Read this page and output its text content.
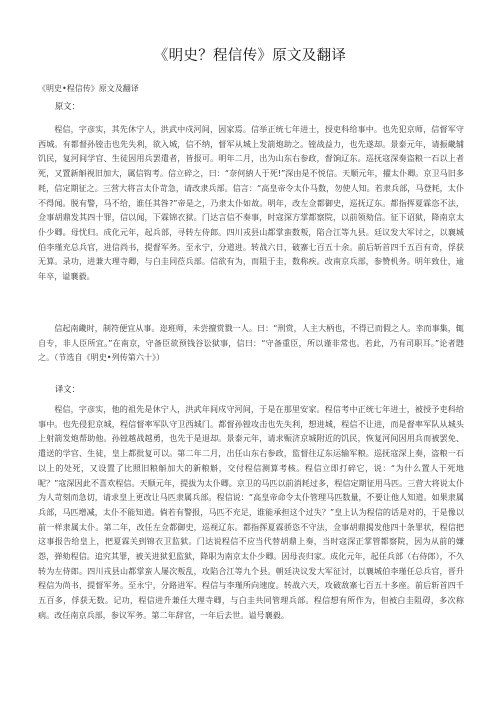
《明史？程信传》原文及翻译
《明史•程信传》原文及翻译
原文：

程信，字彦实，其先休宁人，洪武中戍河间，因家焉。信举正统七年进士，授吏科给事中。也先犯京师，信督军守西城。有都督孙镗击也先失利，欲入城，信不纳，督军从城上发箭炮助之。镗战益力，也先遂却。景泰元年，请振畿辅饥民，复河间学官、生徒因用兵罢遣者，皆报可。明年二月，出为山东右参政，督饷辽东。巡抚寇深奏盗粮一石以上者死，又置新斛视旧加大，属信钩考。信立碎之，曰：“奈何納人于死!”深由是不悦信。天顺元年，擢太仆卿。京卫马旧多耗，信定期征之。三营大将言太仆苛急，请改隶兵部。信言：“高皇帝令太仆马数，勿使人知。若隶兵部，马登耗，太仆不得闻。脱有警，马不给，谁任其咎?”帝是之，乃隶太仆如故。明年，改左佥都御史，巡抚辽东。都指挥夏霖恣不法，佥事胡鼎发其四十罪，信以闻，下霖锦衣狱。门达言信不奏事，时寇深方掌都察院，以前领劾信。征下诏狱，降南京太仆少卿。母忧归。成化元年，起兵部，寻转左侍郎。四川戎县山都掌蛮数叛，陷合江等九县。廷议发大军讨之，以襄城伯李瑾充总兵官，进信尚书，提督军务。至永宁，分道进。转战六日，破寨七百五十余。前后斩首四千五百有奇，俘获无算。录功，进兼大理寺卿，与白圭同莅兵部。信欲有为，而阻于圭，数称疾。改南京兵部，参赞机务。明年致仕，逾年卒，谥襄毅。

信起南畿时，制符便宜从事。迩班师，未尝擅赏戮一人。曰：“刑赏，人主大柄也，不得已而假之人。幸而事集，辄自专，非人臣所宜。”在南京，守备臣欲预钱谷讼狱事，信曰：“守备重臣，所以谨非常也。若此，乃有司职耳。”论者韪之。（节选自《明史•列传第六十》）

译文：

程信，字彦实，他的祖先是休宁人，洪武年间戍守河间，于是在那里安家。程信考中正统七年进士，被授予吏科给事中。也先侵犯京城，程信督率军队守卫西城门。都督孙镗攻击也先失利，想进城，程信不让进，而是督率军队从城头上射箭发炮帮助他。孙镗越战越勇，也先于是退却。景泰元年，请求赈济京城附近的饥民，恢复河间因用兵而被罢免、遣送的学官、生徒，皇上都批复可以。第二年二月，出任山东右参政，监督往辽东运输军粮。巡抚寇深上奏，盗粮一石以上的处死，又设置了比照旧粮斛加大的新粮斛，交付程信测算考核。程信立即打碎它，说：“为什么置人于死地呢？”寇深因此不喜欢程信。天顺元年，提拔为太仆卿。京卫的马匹以前消耗过多，程信定期征用马匹。三营大将说太仆为人苛刻而急切，请求皇上更改让马匹隶属兵部。程信说：“高皇帝命令太仆管理马匹数量，不要让他人知道。如果隶属兵部，马匹增减，太仆不能知道。倘若有警报，马匹不充足，谁能承担这个过失？”皇上认为程信的话是对的，于是像以前一样隶属太仆。第二年，改任左佥都御史，巡视辽东。都指挥夏霖骄恣不守法，佥事胡鼎揭发他四十条罪状，程信把这事报告给皇上，把夏霖关到锦衣卫监狱。门达说程信不应当代替胡鼎上奏，当时寇深正掌管都察院，因为从前的嫌怨，弹劾程信。追究其罪，被关进狱犯监狱，降职为南京太仆少卿。因母丧归家。成化元年，起任兵部（右侍郎），不久转为左侍郎。四川戎县山都掌蛮人屡次叛乱，攻陷合江等九个县。朝廷决议发大军征讨，以襄城伯李瑾任总兵官，晋升程信为尚书，提督军务。至永宁，分路进军。程信与李瑾所向速度。转战六天，攻破敌寨七百五十多座。前后斩首四千五百多，俘获无数。记功，程信进升兼任大理寺卿，与白圭共同管理兵部。程信想有所作为，但被白圭阻碍，多次称病。改任南京兵部，参议军务。第二年辞官，一年后去世。谥号襄毅。
